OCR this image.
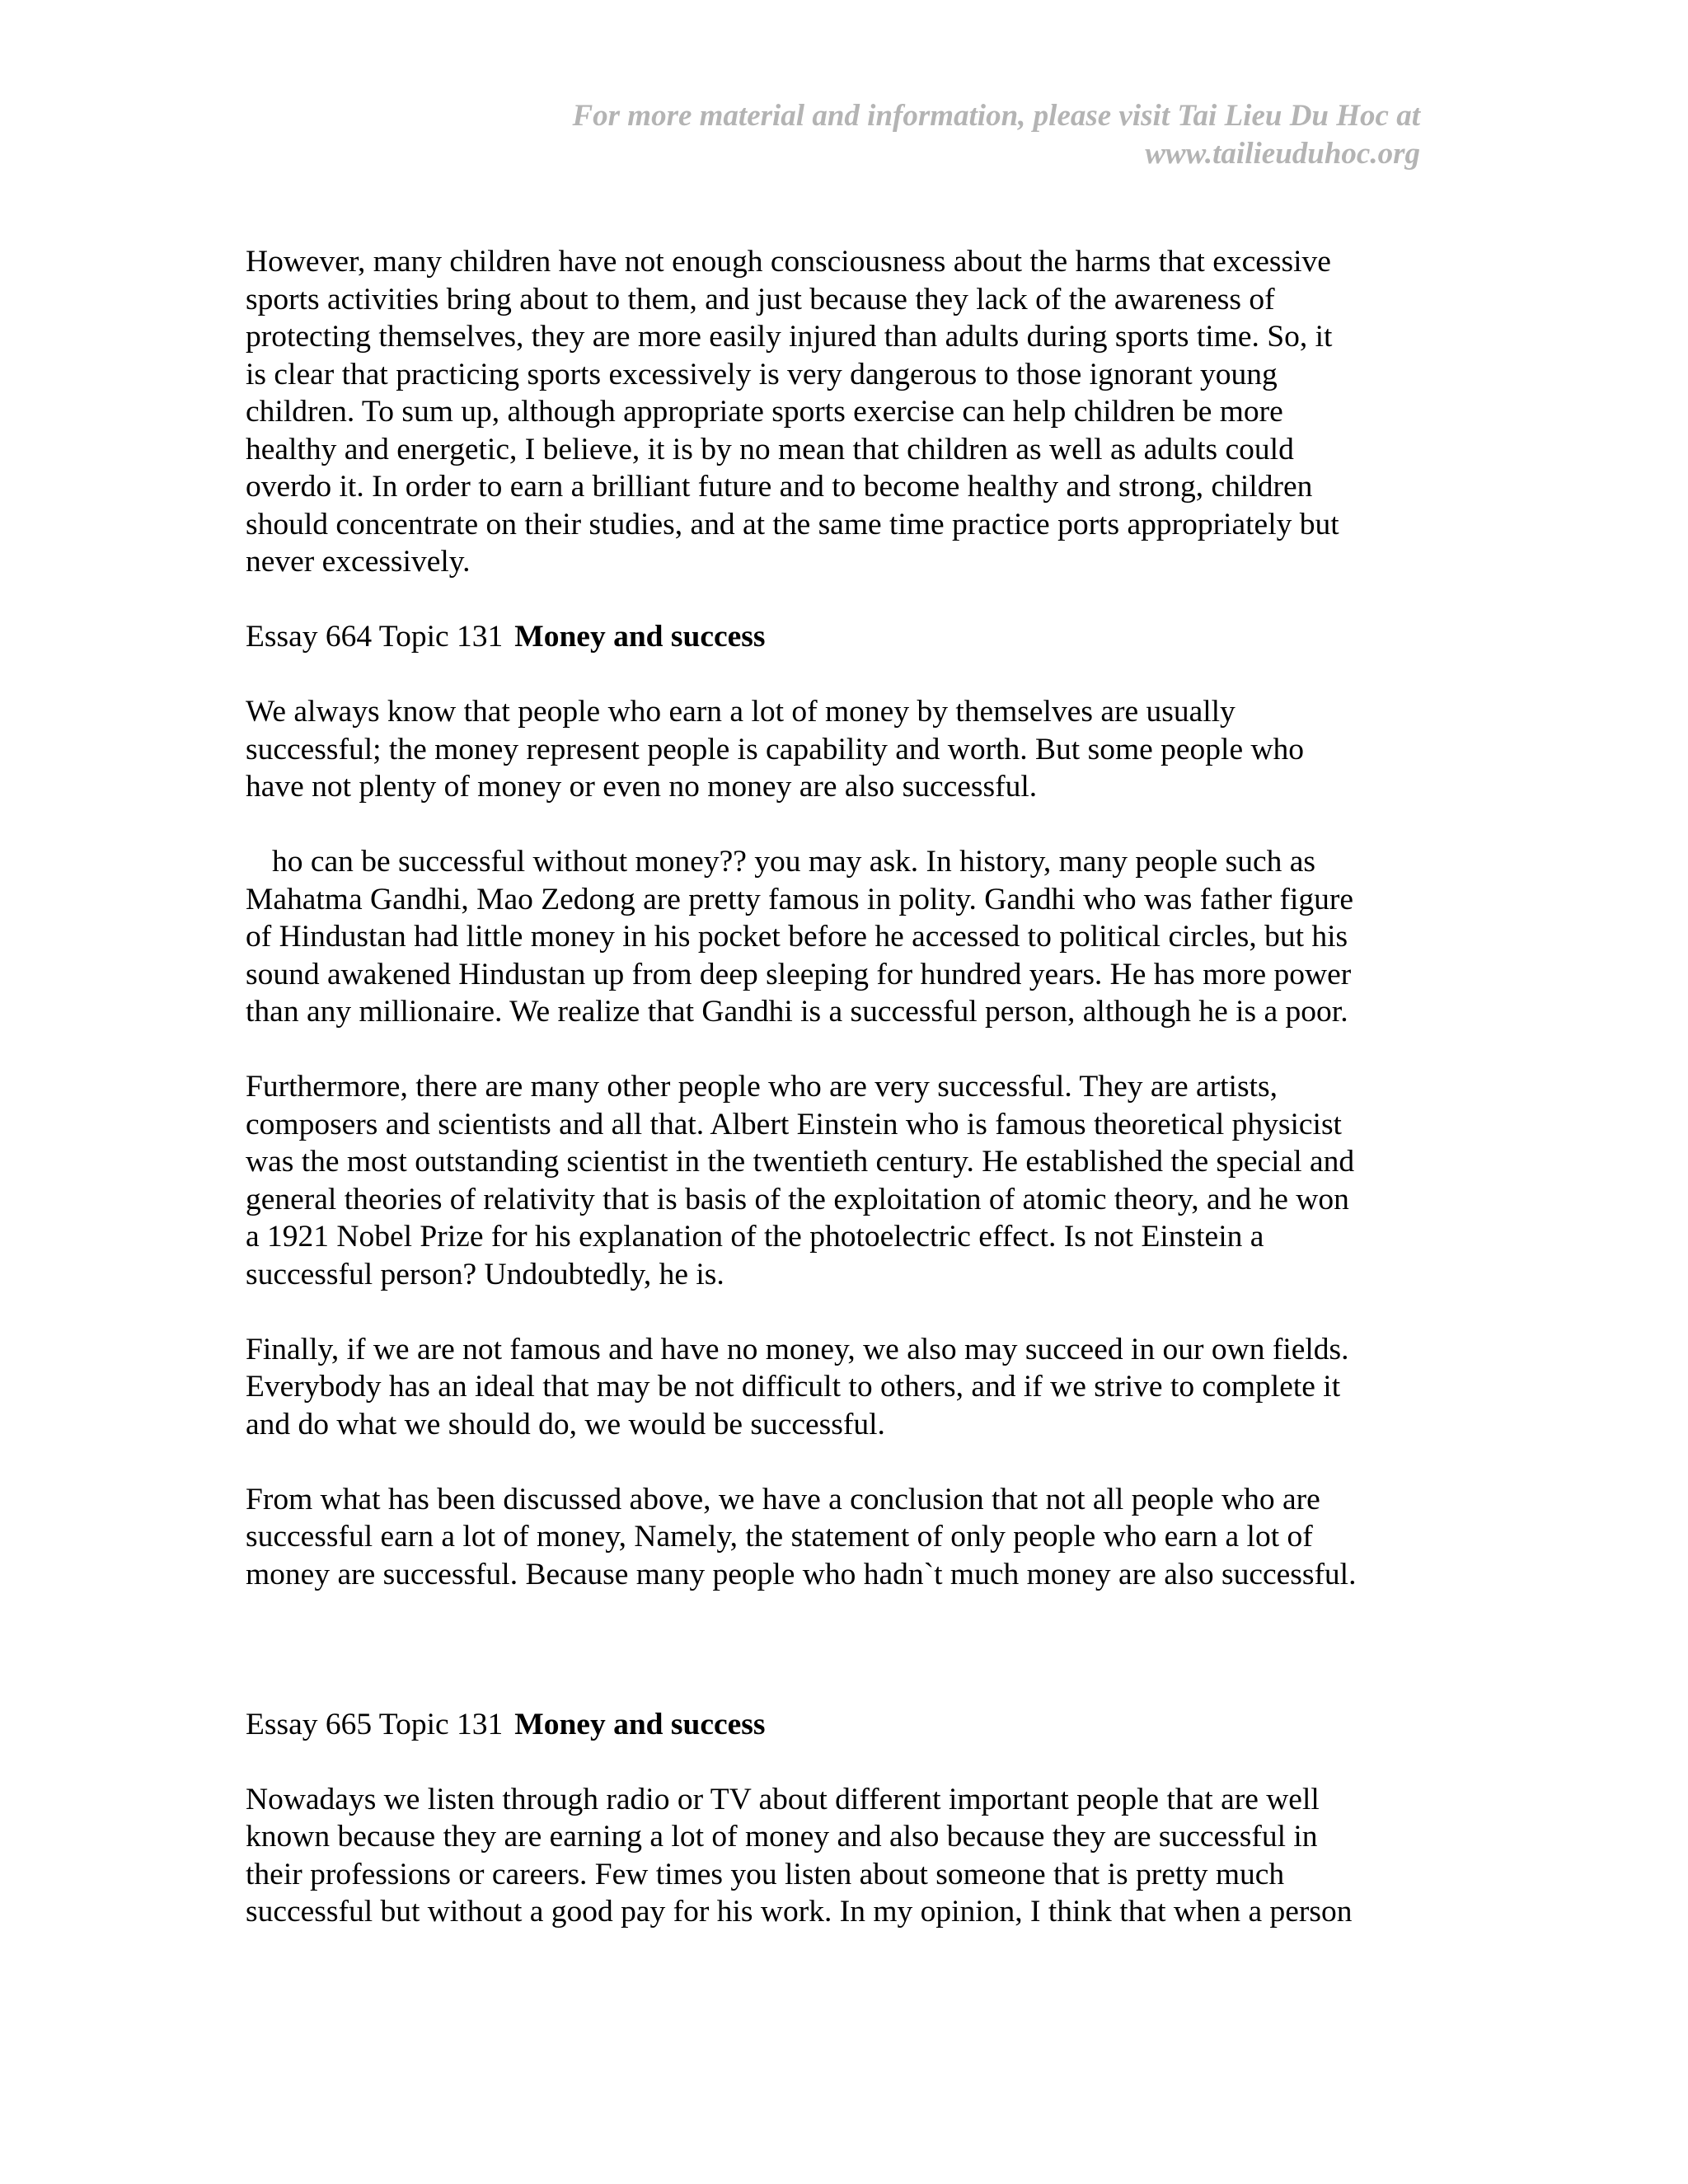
For more material and information, please visit Tai Lieu Du Hoc at
www.tailieuduhoc.org
However, many children have not enough consciousness about the harms that excessive
sports activities bring about to them, and just because they lack of the awareness of
protecting themselves, they are more easily injured than adults during sports time. So, it
is clear that practicing sports excessively is very dangerous to those ignorant young
children. To sum up, although appropriate sports exercise can help children be more
healthy and energetic, I believe, it is by no mean that children as well as adults could
overdo it. In order to earn a brilliant future and to become healthy and strong, children
should concentrate on their studies, and at the same time practice ports appropriately but
never excessively.
Essay 664 Topic 131 Money and success
We always know that people who earn a lot of money by themselves are usually
successful; the money represent people is capability and worth. But some people who
have not plenty of money or even no money are also successful.
ho can be successful without money?? you may ask. In history, many people such as
Mahatma Gandhi, Mao Zedong are pretty famous in polity. Gandhi who was father figure
of Hindustan had little money in his pocket before he accessed to political circles, but his
sound awakened Hindustan up from deep sleeping for hundred years. He has more power
than any millionaire. We realize that Gandhi is a successful person, although he is a poor.
Furthermore, there are many other people who are very successful. They are artists,
composers and scientists and all that. Albert Einstein who is famous theoretical physicist
was the most outstanding scientist in the twentieth century. He established the special and
general theories of relativity that is basis of the exploitation of atomic theory, and he won
a 1921 Nobel Prize for his explanation of the photoelectric effect. Is not Einstein a
successful person? Undoubtedly, he is.
Finally, if we are not famous and have no money, we also may succeed in our own fields.
Everybody has an ideal that may be not difficult to others, and if we strive to complete it
and do what we should do, we would be successful.
From what has been discussed above, we have a conclusion that not all people who are
successful earn a lot of money, Namely, the statement of only people who earn a lot of
money are successful. Because many people who hadn`t much money are also successful.
Essay 665 Topic 131 Money and success
Nowadays we listen through radio or TV about different important people that are well
known because they are earning a lot of money and also because they are successful in
their professions or careers. Few times you listen about someone that is pretty much
successful but without a good pay for his work. In my opinion, I think that when a person
